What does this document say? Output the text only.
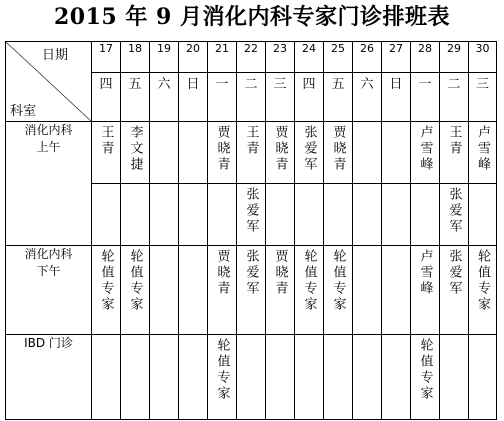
2015 年 9 月消化内科专家门诊排班表
日期
科室	17	18	19	20	21	22	23	24	25	26	27	28	29	30
	四	五	六	日	一	二	三	四	五	六	日	一	二	三

消化内科
上午	王青	李文捷			贾晓青	王青	贾晓青	张爱军	贾晓青			卢雪峰	王青	卢雪峰
						张爱军							张爱军	

消化内科
下午	轮值专家	轮值专家			贾晓青	张爱军	贾晓青	轮值专家	轮值专家			卢雪峰	张爱军	轮值专家

IBD 门诊					轮值专家							轮值专家		
